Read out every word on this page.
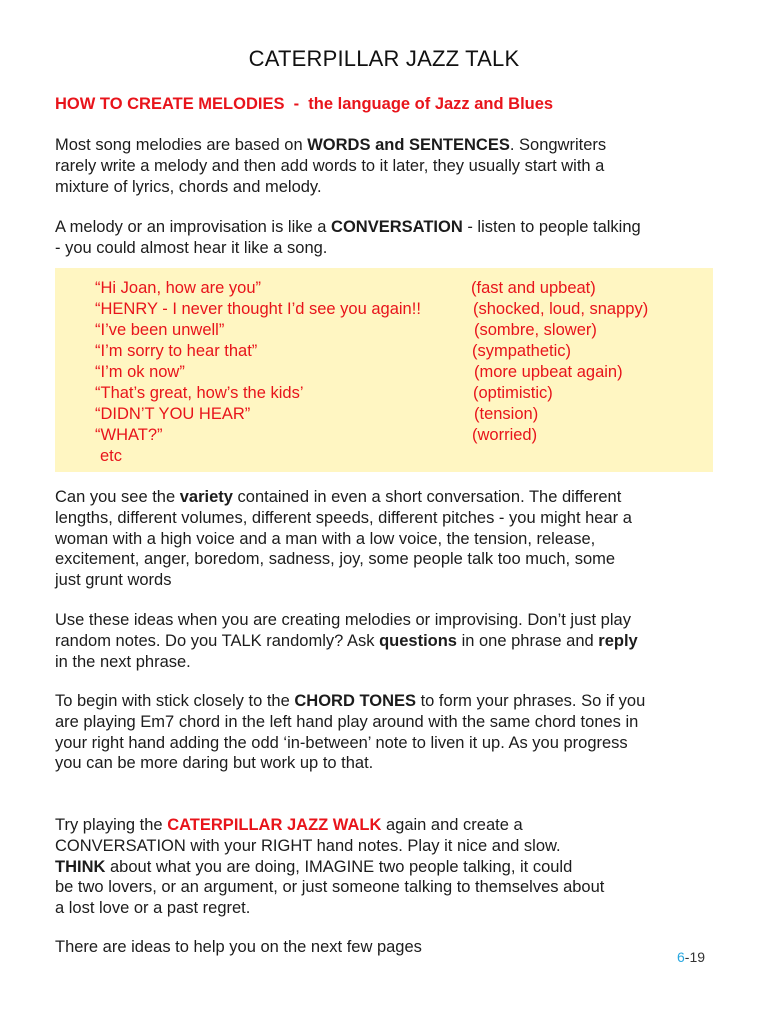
CATERPILLAR JAZZ TALK
HOW TO CREATE MELODIES  -  the language of Jazz and Blues
Most song melodies are based on WORDS and SENTENCES. Songwriters
rarely write a melody and then add words to it later, they usually start with a
mixture of lyrics, chords and melody.
A melody or an improvisation is like a CONVERSATION - listen to people talking
- you could almost hear it like a song.
“Hi Joan, how are you”	(fast and upbeat)
“HENRY - I never thought I’d see you again!!	(shocked, loud, snappy)
“I’ve been unwell”	(sombre, slower)
“I’m sorry to hear that”	(sympathetic)
“I’m ok now”	(more upbeat again)
“That’s great, how’s the kids’	(optimistic)
“DIDN’T YOU HEAR”	(tension)
“WHAT?”	(worried)
etc
Can you see the variety contained in even a short conversation. The different
lengths, different volumes, different speeds, different pitches - you might hear a
woman with a high voice and a man with a low voice, the tension, release,
excitement, anger, boredom, sadness, joy, some people talk too much, some
just grunt words
Use these ideas when you are creating melodies or improvising. Don’t just play
random notes. Do you TALK randomly? Ask questions in one phrase and reply
in the next phrase.
To begin with stick closely to the CHORD TONES to form your phrases. So if you
are playing Em7 chord in the left hand play around with the same chord tones in
your right hand adding the odd ‘in-between’ note to liven it up. As you progress
you can be more daring but work up to that.
Try playing the CATERPILLAR JAZZ WALK again and create a
CONVERSATION with your RIGHT hand notes. Play it nice and slow.
THINK about what you are doing, IMAGINE two people talking, it could
be two lovers, or an argument, or just someone talking to themselves about
a lost love or a past regret.
There are ideas to help you on the next few pages
6-19
